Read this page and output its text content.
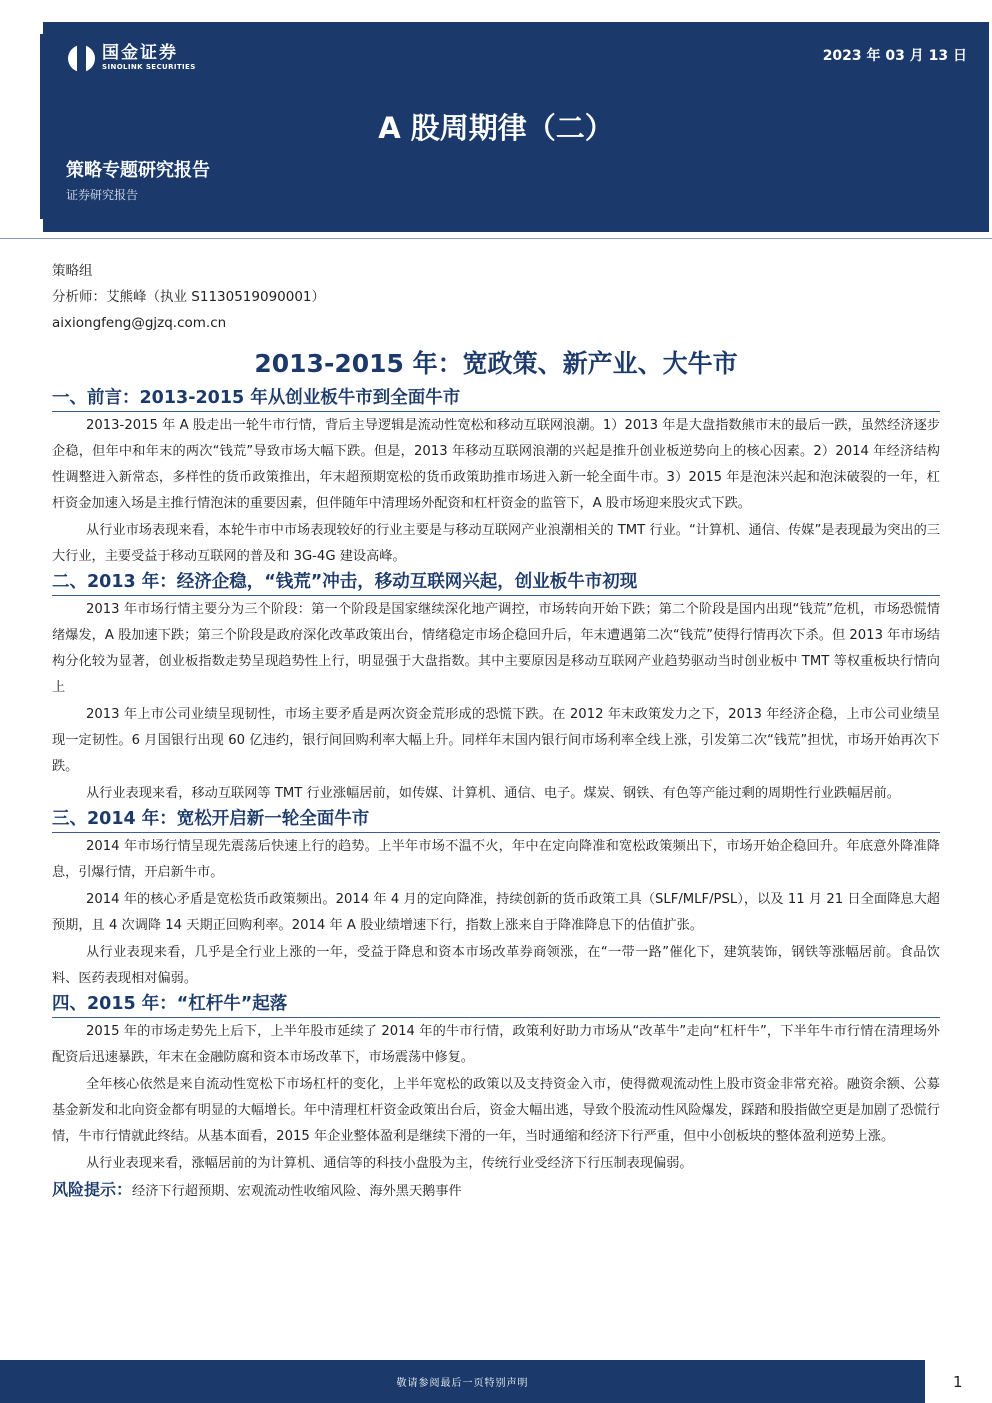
国金证券
SINOLINK SECURITIES
2023 年 03 月 13 日
A 股周期律（二）
策略专题研究报告
证券研究报告
策略组
分析师：艾熊峰（执业 S1130519090001）
aixiongfeng@gjzq.com.cn
2013-2015 年：宽政策、新产业、大牛市
一、前言：2013-2015 年从创业板牛市到全面牛市

2013-2015 年 A 股走出一轮牛市行情，背后主导逻辑是流动性宽松和移动互联网浪潮。1）2013 年是大盘指数熊市末的最后一跌，虽然经济逐步企稳，但年中和年末的两次“钱荒”导致市场大幅下跌。但是，2013 年移动互联网浪潮的兴起是推升创业板逆势向上的核心因素。2）2014 年经济结构性调整进入新常态，多样性的货币政策推出，年末超预期宽松的货币政策助推市场进入新一轮全面牛市。3）2015 年是泡沫兴起和泡沫破裂的一年，杠杆资金加速入场是主推行情泡沫的重要因素，但伴随年中清理场外配资和杠杆资金的监管下，A 股市场迎来股灾式下跌。

从行业市场表现来看，本轮牛市中市场表现较好的行业主要是与移动互联网产业浪潮相关的 TMT 行业。“计算机、通信、传媒”是表现最为突出的三大行业，主要受益于移动互联网的普及和 3G-4G 建设高峰。

二、2013 年：经济企稳，“钱荒”冲击，移动互联网兴起，创业板牛市初现

2013 年市场行情主要分为三个阶段：第一个阶段是国家继续深化地产调控，市场转向开始下跌；第二个阶段是国内出现“钱荒”危机，市场恐慌情绪爆发，A 股加速下跌；第三个阶段是政府深化改革政策出台，情绪稳定市场企稳回升后，年末遭遇第二次“钱荒”使得行情再次下杀。但 2013 年市场结构分化较为显著，创业板指数走势呈现趋势性上行，明显强于大盘指数。其中主要原因是移动互联网产业趋势驱动当时创业板中 TMT 等权重板块行情向上

2013 年上市公司业绩呈现韧性，市场主要矛盾是两次资金荒形成的恐慌下跌。在 2012 年末政策发力之下，2013 年经济企稳，上市公司业绩呈现一定韧性。6 月国银行出现 60 亿违约，银行间回购利率大幅上升。同样年末国内银行间市场利率全线上涨，引发第二次“钱荒”担忧，市场开始再次下跌。

从行业表现来看，移动互联网等 TMT 行业涨幅居前，如传媒、计算机、通信、电子。煤炭、钢铁、有色等产能过剩的周期性行业跌幅居前。

三、2014 年：宽松开启新一轮全面牛市

2014 年市场行情呈现先震荡后快速上行的趋势。上半年市场不温不火，年中在定向降准和宽松政策频出下，市场开始企稳回升。年底意外降准降息，引爆行情，开启新牛市。

2014 年的核心矛盾是宽松货币政策频出。2014 年 4 月的定向降准，持续创新的货币政策工具（SLF/MLF/PSL），以及 11 月 21 日全面降息大超预期，且 4 次调降 14 天期正回购利率。2014 年 A 股业绩增速下行，指数上涨来自于降准降息下的估值扩张。

从行业表现来看，几乎是全行业上涨的一年，受益于降息和资本市场改革券商领涨，在“一带一路”催化下，建筑装饰，钢铁等涨幅居前。食品饮料、医药表现相对偏弱。

四、2015 年：“杠杆牛”起落

2015 年的市场走势先上后下，上半年股市延续了 2014 年的牛市行情，政策利好助力市场从“改革牛”走向“杠杆牛”，下半年牛市行情在清理场外配资后迅速暴跌，年末在金融防腐和资本市场改革下，市场震荡中修复。

全年核心依然是来自流动性宽松下市场杠杆的变化，上半年宽松的政策以及支持资金入市，使得微观流动性上股市资金非常充裕。融资余额、公募基金新发和北向资金都有明显的大幅增长。年中清理杠杆资金政策出台后，资金大幅出逃，导致个股流动性风险爆发，踩踏和股指做空更是加剧了恐慌行情，牛市行情就此终结。从基本面看，2015 年企业整体盈利是继续下滑的一年，当时通缩和经济下行严重，但中小创板块的整体盈利逆势上涨。

从行业表现来看，涨幅居前的为计算机、通信等的科技小盘股为主，传统行业受经济下行压制表现偏弱。

风险提示：经济下行超预期、宏观流动性收缩风险、海外黑天鹅事件

敬请参阅最后一页特别声明	1
